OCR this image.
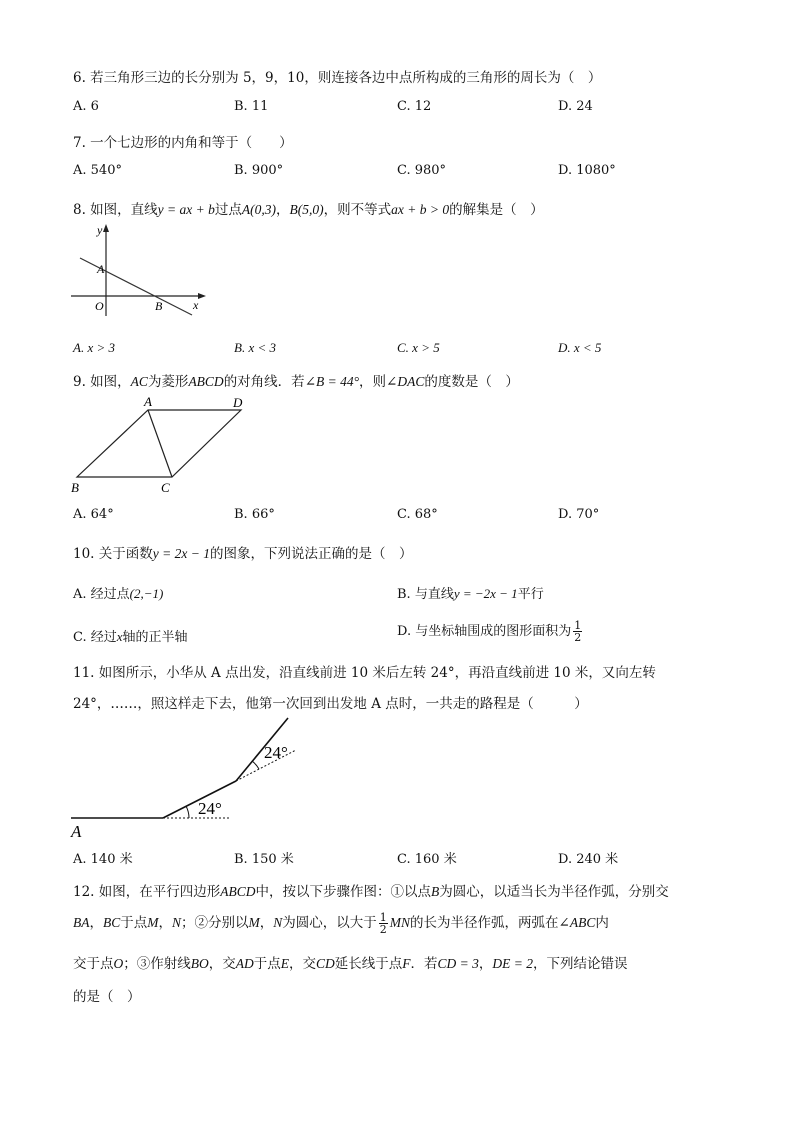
6. 若三角形三边的长分别为 5，9，10，则连接各边中点所构成的三角形的周长为（　）
A. 6	B. 11	C. 12	D. 24
7. 一个七边形的内角和等于（　　）
A. 540°	B. 900°	C. 980°	D. 1080°
8. 如图，直线y = ax + b过点A(0,3)，B(5,0)，则不等式ax + b > 0的解集是（　）
y
A
O	B	x
A. x > 3	B. x < 3	C. x > 5	D. x < 5
9. 如图，AC为菱形ABCD的对角线．若∠B = 44°，则∠DAC的度数是（　）
A	D
B	C
A. 64°	B. 66°	C. 68°	D. 70°
10. 关于函数y = 2x − 1的图象，下列说法正确的是（　）
A. 经过点(2,−1)	B. 与直线y = −2x − 1平行
C. 经过x轴的正半轴	D. 与坐标轴围成的图形面积为 $\frac{1}{2}$
11. 如图所示，小华从 A 点出发，沿直线前进 10 米后左转 24°，再沿直线前进 10 米，又向左转
24°，……，照这样走下去，他第一次回到出发地 A 点时，一共走的路程是（　　　）
24°
24°
A
A. 140 米	B. 150 米	C. 160 米	D. 240 米
12. 如图，在平行四边形ABCD中，按以下步骤作图：①以点B为圆心，以适当长为半径作弧，分别交
BA，BC于点M，N；②分别以M，N为圆心，以大于 $\frac{1}{2}$ MN的长为半径作弧，两弧在∠ABC内
交于点O；③作射线BO，交AD于点E，交CD延长线于点F．若CD = 3，DE = 2，下列结论错误
的是（　）
